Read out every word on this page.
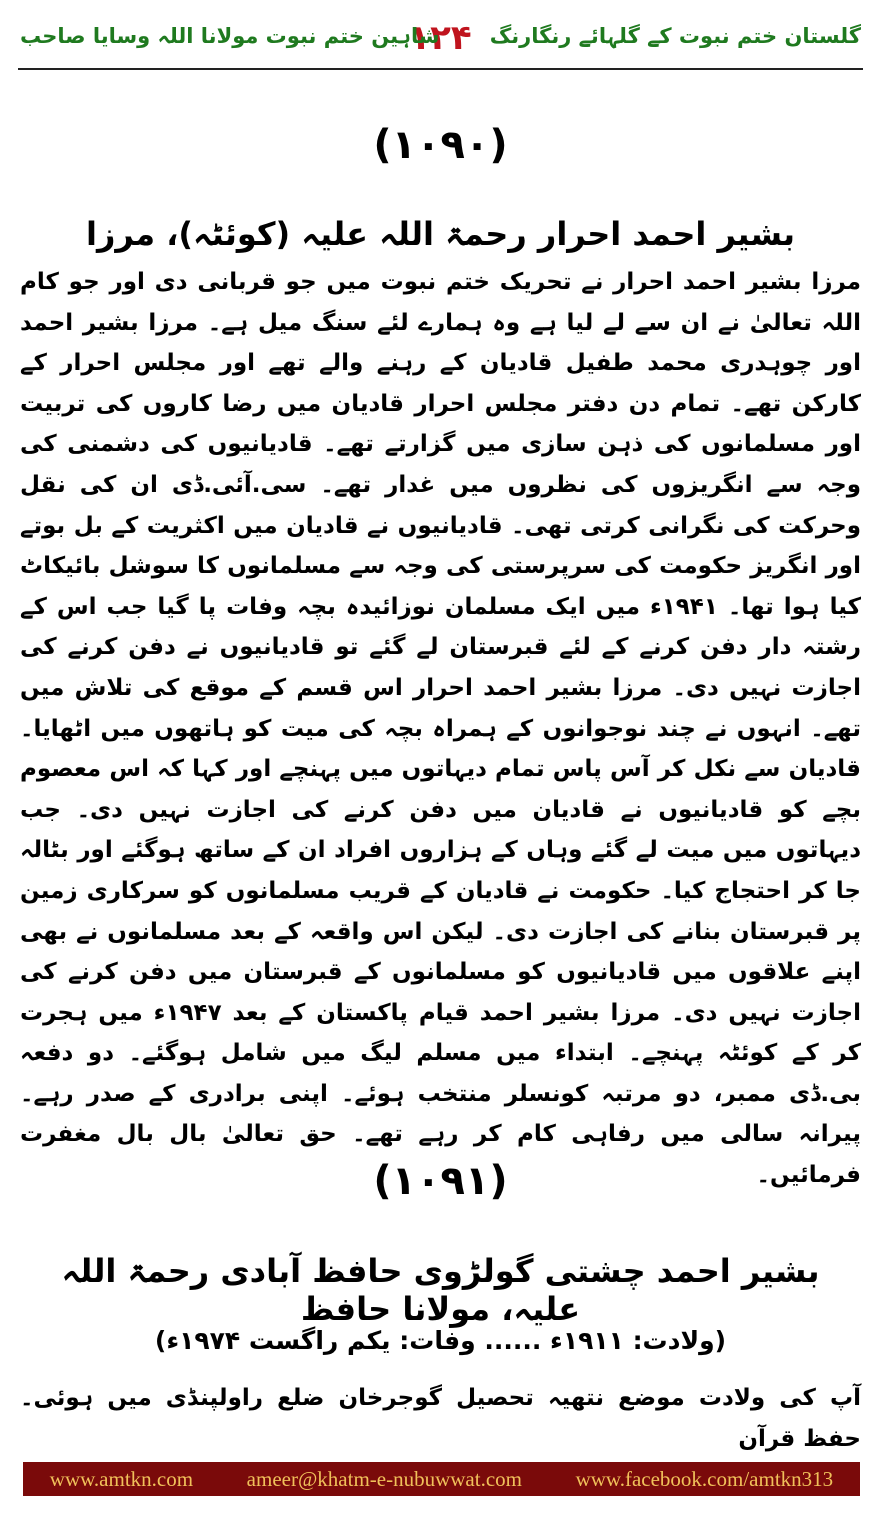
گلستان ختم نبوت کے گلہائے رنگارنگ
۱۲۴
شاہین ختم نبوت مولانا اللہ وسایا صاحب
(۱۰۹۰)
بشیر احمد احرار رحمۃ اللہ علیہ (کوئٹہ)، مرزا
مرزا بشیر احمد احرار نے تحریک ختم نبوت میں جو قربانی دی اور جو کام اللہ تعالیٰ نے ان سے لے لیا ہے وہ ہمارے لئے سنگ میل ہے۔ مرزا بشیر احمد اور چوہدری محمد طفیل قادیان کے رہنے والے تھے اور مجلس احرار کے کارکن تھے۔ تمام دن دفتر مجلس احرار قادیان میں رضا کاروں کی تربیت اور مسلمانوں کی ذہن سازی میں گزارتے تھے۔ قادیانیوں کی دشمنی کی وجہ سے انگریزوں کی نظروں میں غدار تھے۔ سی.آئی.ڈی ان کی نقل وحرکت کی نگرانی کرتی تھی۔ قادیانیوں نے قادیان میں اکثریت کے بل بوتے اور انگریز حکومت کی سرپرستی کی وجہ سے مسلمانوں کا سوشل بائیکاٹ کیا ہوا تھا۔ ۱۹۴۱ء میں ایک مسلمان نوزائیدہ بچہ وفات پا گیا جب اس کے رشتہ دار دفن کرنے کے لئے قبرستان لے گئے تو قادیانیوں نے دفن کرنے کی اجازت نہیں دی۔ مرزا بشیر احمد احرار اس قسم کے موقع کی تلاش میں تھے۔ انہوں نے چند نوجوانوں کے ہمراہ بچہ کی میت کو ہاتھوں میں اٹھایا۔ قادیان سے نکل کر آس پاس تمام دیہاتوں میں پہنچے اور کہا کہ اس معصوم بچے کو قادیانیوں نے قادیان میں دفن کرنے کی اجازت نہیں دی۔ جب دیہاتوں میں میت لے گئے وہاں کے ہزاروں افراد ان کے ساتھ ہوگئے اور بٹالہ جا کر احتجاج کیا۔ حکومت نے قادیان کے قریب مسلمانوں کو سرکاری زمین پر قبرستان بنانے کی اجازت دی۔ لیکن اس واقعہ کے بعد مسلمانوں نے بھی اپنے علاقوں میں قادیانیوں کو مسلمانوں کے قبرستان میں دفن کرنے کی اجازت نہیں دی۔ مرزا بشیر احمد قیام پاکستان کے بعد ۱۹۴۷ء میں ہجرت کر کے کوئٹہ پہنچے۔ ابتداء میں مسلم لیگ میں شامل ہوگئے۔ دو دفعہ بی.ڈی ممبر، دو مرتبہ کونسلر منتخب ہوئے۔ اپنی برادری کے صدر رہے۔ پیرانہ سالی میں رفاہی کام کر رہے تھے۔ حق تعالیٰ بال بال مغفرت فرمائیں۔
(۱۰۹۱)
بشیر احمد چشتی گولڑوی حافظ آبادی رحمۃ اللہ علیہ، مولانا حافظ
(ولادت: ۱۹۱۱ء ...... وفات: یکم راگست ۱۹۷۴ء)
آپ کی ولادت موضع نتھیہ تحصیل گوجرخان ضلع راولپنڈی میں ہوئی۔ حفظ قرآن
www.amtkn.com	ameer@khatm-e-nubuwwat.com	www.facebook.com/amtkn313
